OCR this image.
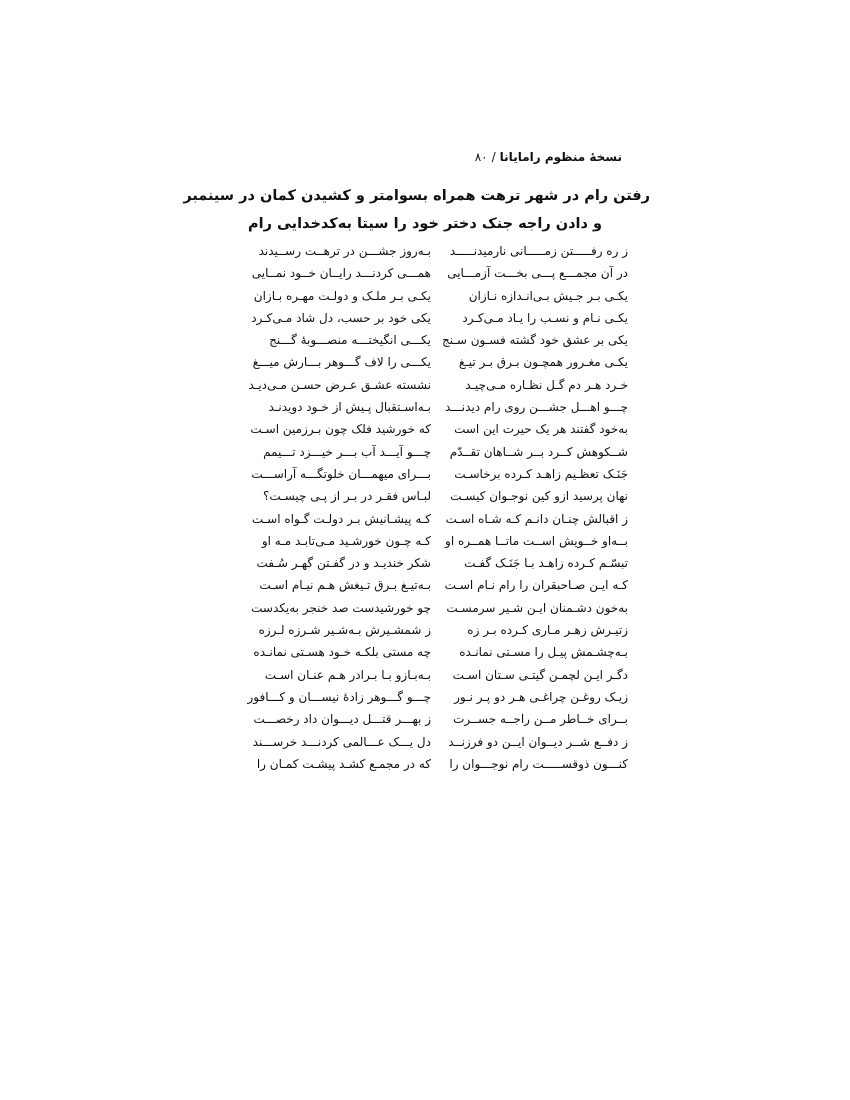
نسخهٔ منظوم رامایانا/۸۰
رفتن رام در شهر ترهت همراه بسوامتر و کشیدن کمان در سینمبر
و دادن راجه جنک دختر خود را سیتا به‌کدخدایی رام
ز ره رفـــــتن زمـــــانی نارمیدنـــــد
در آن مجمـــع پـــی بخـــت آزمـــایی
یکـی بـر جـیش بـی‌انـدازه نـازان
یکـی نـام و نسـب را یـاد مـی‌کـرد
یکی بر عشق خود گشته فسـون سـنج
یکـی مغـرور همچـون بـرق بـر تیـغ
خـرد هـر دم گـل نظـاره مـی‌چیـد
چـــو اهـــل جشـــن روی رام دیدنـــد
به‌خود گفتند هر یک حیرت این است
شــکوهش کــرد بــر شــاهان تقــدّم
جَنَـک تعظـیم زاهـد کـرده برخاسـت
نهان پرسید ازو کین نوجـوان کیسـت
ز اقبالش چنـان دانـم کـه شـاه اسـت
بــه‌او خــویش اســت ماتــا همــره او
تبسّـم کـرده زاهـد بـا جَنَـک گفـت
کـه ایـن صـاحبقران را رام نـام اسـت
به‌خون دشـمنان ایـن شـیر سرمسـت
زتیـرش زهـر مـاری کـرده بـر زه
بـه‌چشـمش پیـل را مسـتی نمانـده
دگـر ایـن لچمـن گیتـی سـتان اسـت
زیـک روغـن چراغـی هـر دو پـر نـور
بــرای خــاطر مــن راجــه جســرت
ز دفــع شــر دیــوان ایــن دو فرزنــد
کنـــون ذوقســـــت رام نوجـــوان را
بـه‌روز جشـــن در ترهــت رســیدند
همـــی کردنـــد رایــان خــود نمــایی
یکـی بـر ملـک و دولـت مهـره بـازان
یکی خود بر حسب، دل شاد مـی‌کـرد
یکـــی انگیختـــه منصـــوبهٔ گـــنج
یکـــی را لاف گـــوهر بـــارش میـــغ
نشسته عشـق عـرض حسـن مـی‌دیـد
بـه‌اسـتقبال پـیش از خـود دویدنـد
که خورشید فلک چون بـرزمین اسـت
چـــو آیـــد آب بـــر خیـــزد تـــیمم
بـــرای میهمـــان خلوتگـــه آراســـت
لبـاس فقـر در بـر از پـی چیسـت؟
کـه پیشـانیش بـر دولـت گـواه اسـت
کـه چـون خورشـید مـی‌تابـد مـه او
شکر خندیـد و در گفـتن گهـر سُـفت
بـه‌تیـغ بـرق تـیغش هـم نیـام اسـت
چو خورشیدست صد خنجر به‌یکدست
ز شمشـیرش بـه‌شـیر شـرزه لـرزه
چه مستی بلکـه خـود هسـتی نمانـده
بـه‌بـازو بـا بـرادر هـم عنـان اسـت
چـــو گـــوهر زادهٔ نیســـان و کـــافور
ز بهـــر قتـــل دیـــوان داد رخصـــت
دل یـــک عـــالمی کردنـــد خرســـند
که در مجمـع کشـد پیشـت کمـان را
